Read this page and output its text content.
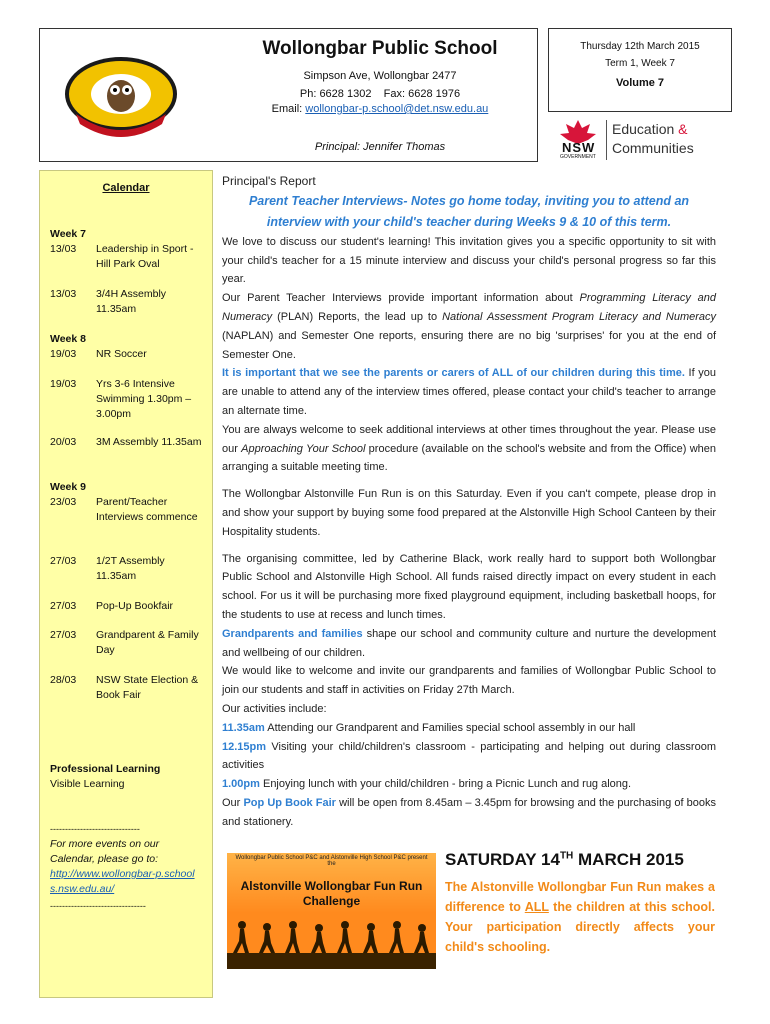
Wollongbar Public School
Simpson Ave, Wollongbar 2477
Ph: 6628 1302    Fax: 6628 1976
Email: wollongbar-p.school@det.nsw.edu.au
Principal: Jennifer Thomas
Thursday 12th March 2015
Term 1, Week 7
Volume 7
NSW
GOVERNMENT
Education &
Communities
Calendar
Week 7
13/03 Leadership in Sport - Hill Park Oval
13/03 3/4H Assembly 11.35am
Week 8
19/03 NR Soccer
19/03 Yrs 3-6 Intensive Swimming 1.30pm – 3.00pm
20/03 3M Assembly 11.35am
Week 9
23/03 Parent/Teacher Interviews commence
27/03 1/2T Assembly 11.35am
27/03 Pop-Up Bookfair
27/03 Grandparent & Family Day
28/03 NSW State Election & Book Fair
Professional Learning
Visible Learning
------------------------------
For more events on our Calendar, please go to:
http://www.wollongbar-p.schools.nsw.edu.au/
--------------------------------
Principal's Report
Parent Teacher Interviews- Notes go home today, inviting you to attend an interview with your child's teacher during Weeks 9 & 10 of this term.
We love to discuss our student's learning! This invitation gives you a specific opportunity to sit with your child's teacher for a 15 minute interview and discuss your child's personal progress so far this year.
Our Parent Teacher Interviews provide important information about Programming Literacy and Numeracy (PLAN) Reports, the lead up to National Assessment Program Literacy and Numeracy (NAPLAN) and Semester One reports, ensuring there are no big 'surprises' for you at the end of Semester One.
It is important that we see the parents or carers of ALL of our children during this time. If you are unable to attend any of the interview times offered, please contact your child's teacher to arrange an alternate time.
You are always welcome to seek additional interviews at other times throughout the year. Please use our Approaching Your School procedure (available on the school's website and from the Office) when arranging a suitable meeting time.
The Wollongbar Alstonville Fun Run is on this Saturday. Even if you can't compete, please drop in and show your support by buying some food prepared at the Alstonville High School Canteen by their Hospitality students.
The organising committee, led by Catherine Black, work really hard to support both Wollongbar Public School and Alstonville High School. All funds raised directly impact on every student in each school. For us it will be purchasing more fixed playground equipment, including basketball hoops, for the students to use at recess and lunch times.
Grandparents and families shape our school and community culture and nurture the development and wellbeing of our children.
We would like to welcome and invite our grandparents and families of Wollongbar Public School to join our students and staff in activities on Friday 27th March.
Our activities include:
11.35am Attending our Grandparent and Families special school assembly in our hall
12.15pm Visiting your child/children's classroom - participating and helping out during classroom activities
1.00pm Enjoying lunch with your child/children - bring a Picnic Lunch and rug along.
Our Pop Up Book Fair will be open from 8.45am – 3.45pm for browsing and the purchasing of books and stationery.
Wollongbar Public School P&C and Alstonville High School P&C present the
Alstonville Wollongbar Fun Run Challenge
SATURDAY 14TH MARCH 2015
The Alstonville Wollongbar Fun Run makes a difference to ALL the children at this school. Your participation directly affects your child's schooling.
